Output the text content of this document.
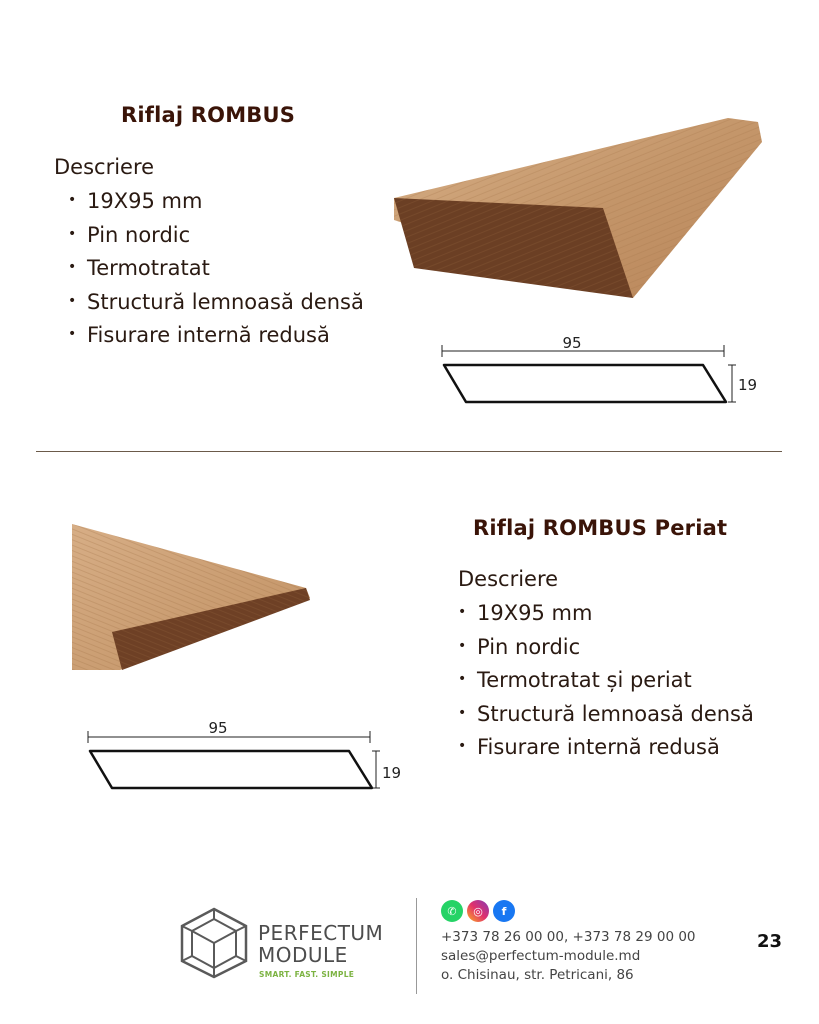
Riflaj ROMBUS
Descriere
• 19X95 mm
• Pin nordic
• Termotratat
• Structură lemnoasă densă
• Fisurare internă redusă	95
19
Riflaj ROMBUS Periat
Descriere
• 19X95 mm
• Pin nordic
• Termotratat și periat
• Structură lemnoasă densă
• Fisurare internă redusă
95
19
PERFECTUM
MODULE
SMART. FAST. SIMPLE
✆	◎	f
+373 78 26 00 00, +373 78 29 00 00
sales@perfectum-module.md
o. Chisinau, str. Petricani, 86
23
